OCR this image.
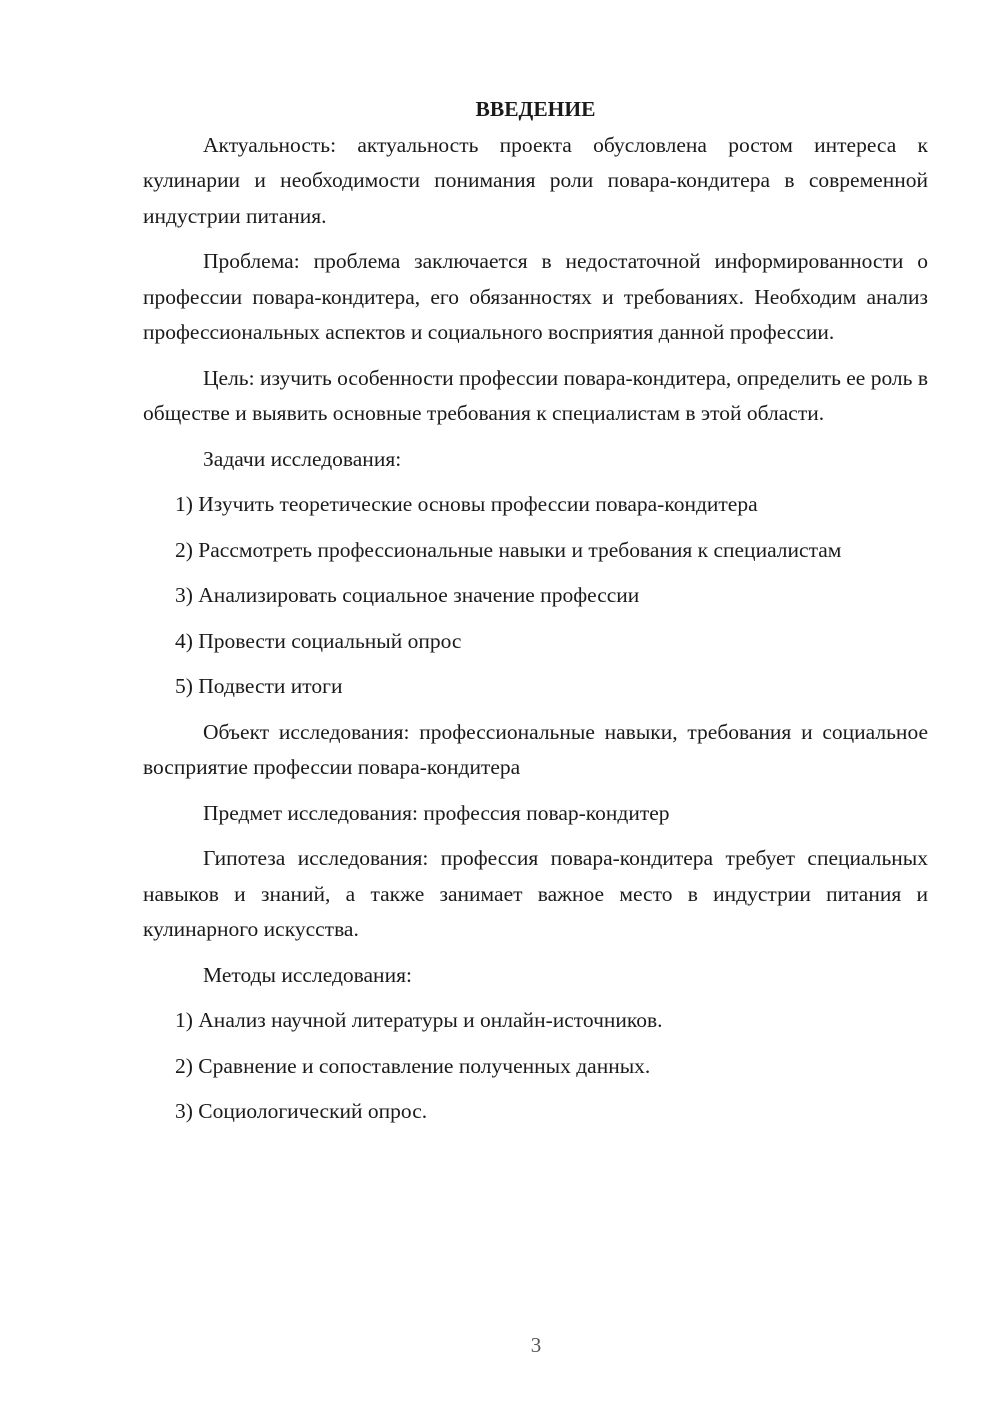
ВВЕДЕНИЕ

Актуальность: актуальность проекта обусловлена ростом интереса к кулинарии и необходимости понимания роли повара-кондитера в современной индустрии питания.

Проблема: проблема заключается в недостаточной информированности о профессии повара-кондитера, его обязанностях и требованиях. Необходим анализ профессиональных аспектов и социального восприятия данной профессии.

Цель: изучить особенности профессии повара-кондитера, определить ее роль в обществе и выявить основные требования к специалистам в этой области.

Задачи исследования:

1) Изучить теоретические основы профессии повара-кондитера

2) Рассмотреть профессиональные навыки и требования к специалистам

3) Анализировать социальное значение профессии

4) Провести социальный опрос

5) Подвести итоги

Объект исследования: профессиональные навыки, требования и социальное восприятие профессии повара-кондитера

Предмет исследования: профессия повар-кондитер

Гипотеза исследования: профессия повара-кондитера требует специальных навыков и знаний, а также занимает важное место в индустрии питания и кулинарного искусства.

Методы исследования:

1) Анализ научной литературы и онлайн-источников.

2) Сравнение и сопоставление полученных данных.

3) Социологический опрос.

3
